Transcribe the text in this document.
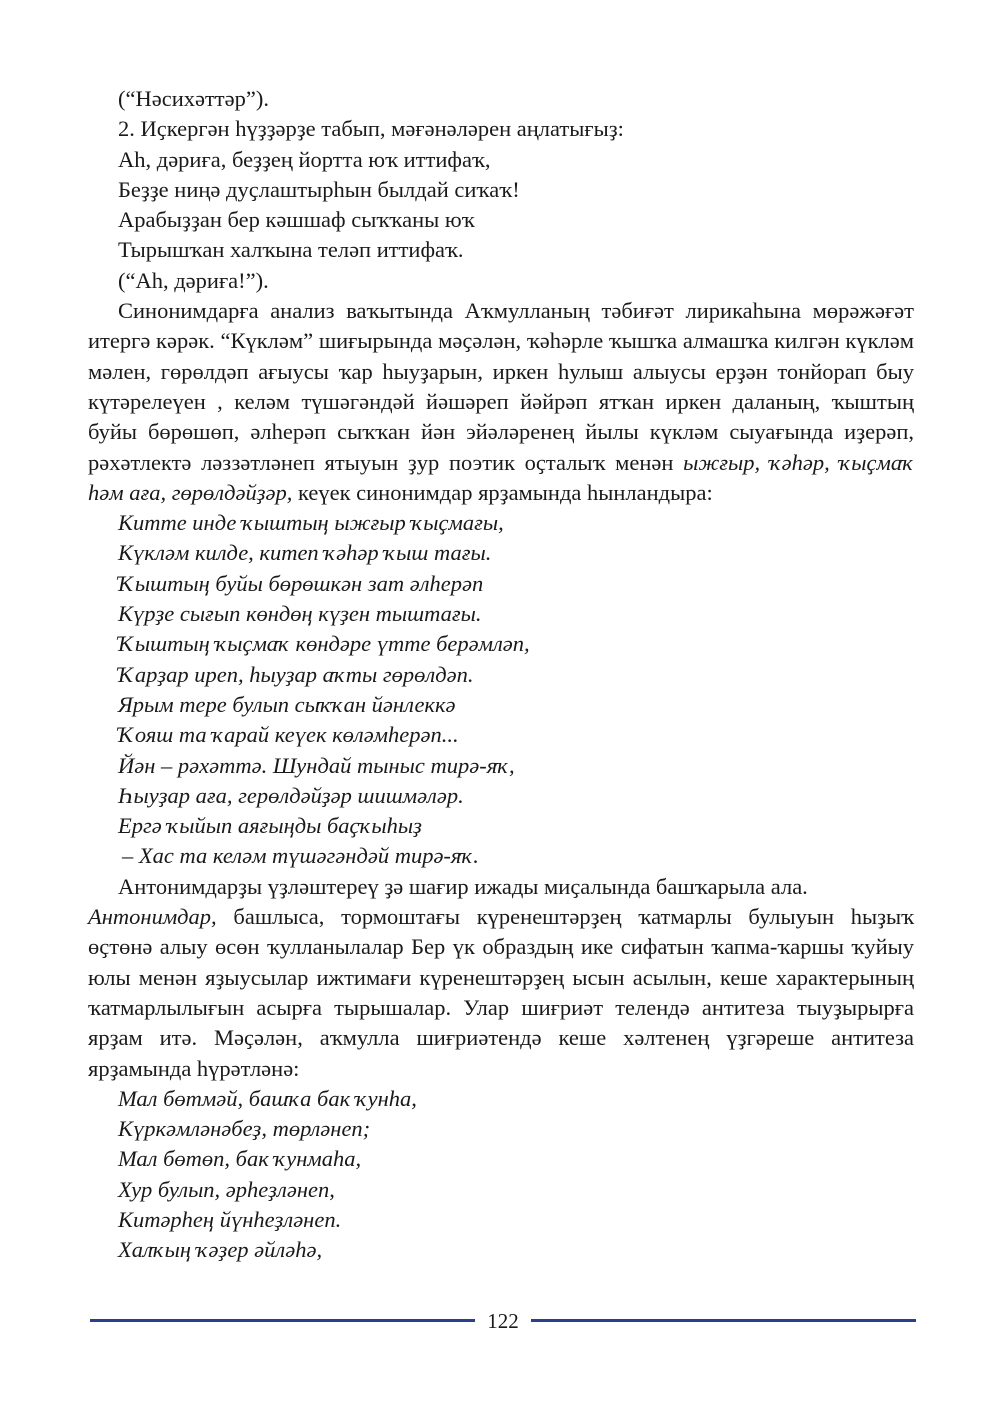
(“Нәсихәттәр”).
2. Иҫкергән һүҙҙәрҙе табып, мәғәнәләрен аңлатығыҙ:
Аһ, дәриға, беҙҙең йортта юҡ иттифаҡ,
Беҙҙе ниңә дуҫлаштырһын былдай сиҡаҡ!
Арабыҙҙан бер кәшшаф сыҡҡаны юҡ
Тырышҡан халҡына теләп иттифаҡ.
(“Аһ, дәриға!”).
Синонимдарға анализ ваҡытында Аҡмулланың тәбиғәт лирикаһына мөрәжәғәт итергә кәрәк. “Күкләм” шиғырында мәҫәлән, ҡәһәрле ҡышҡа алмашҡа килгән күкләм мәлен, гөрөлдәп ағыусы ҡар һыуҙарын, иркен һулыш алыусы ерҙән тонйорап быу күтәрелеүен , келәм түшәгәндәй йәшәреп йәйрәп ятҡан иркен даланың, ҡыштың буйы бөрөшөп, әлһерәп сыҡҡан йән эйәләренең йылы күкләм сыуағында иҙерәп, рәхәтлектә ләззәтләнеп ятыуын ҙур поэтик оҫталыҡ менән ыжғыр, ҡәһәр, ҡыҫмаҡ һәм аға, гөрөлдәйҙәр, кеүек синонимдар ярҙамында һынландыра:
Китте инде ҡыштың ыжғыр ҡыҫмағы,
Күкләм килде, китеп ҡәһәр ҡыш тағы.
Ҡыштың буйы бөрөшкән зат әлһерәп
Күрҙе сығып көндөң күҙен тыштағы.
Ҡыштың ҡыҫмаҡ көндәре үтте берәмләп,
Ҡарҙар иреп, һыуҙар аҡты гөрөлдәп.
Ярым тере булып сыҡҡан йәнлеккә
Ҡояш та ҡарай кеүек көләмһерәп...
Йән – рәхәттә. Шундай тыныс тирә-яҡ,
Һыуҙар аға, герөлдәйҙәр шишмәләр.
Ергә ҡыйып аяғыңды баҫҡыһыҙ
– Хас та келәм түшәгәндәй тирә-яҡ.
Антонимдарҙы үҙләштереү ҙә шағир ижады миҫалында башҡарыла ала.
Антонимдар, башлыса, тормоштағы күренештәрҙең ҡатмарлы булыуын һыҙыҡ өҫтөнә алыу өсөн ҡулланылалар Бер үк образдың ике сифатын ҡапма-ҡаршы ҡуйыу юлы менән яҙыусылар ижтимағи күренештәрҙең ысын асылын, кеше характерының ҡатмарлылығын асырға тырышалар. Улар шиғриәт телендә антитеза тыуҙырырға ярҙам итә. Мәҫәлән, аҡмулла шиғриәтендә кеше хәлтенең үҙгәреше антитеза ярҙамында һүрәтләнә:
Мал бөтмәй, башҡа бак ҡунһа,
Күркәмләнәбеҙ, төрләнеп;
Мал бөтөп, бак ҡунмаһа,
Хур булып, әрһеҙләнеп,
Китәрһең йүнһеҙләнеп.
Халҡың ҡәҙер әйләһә,
122
